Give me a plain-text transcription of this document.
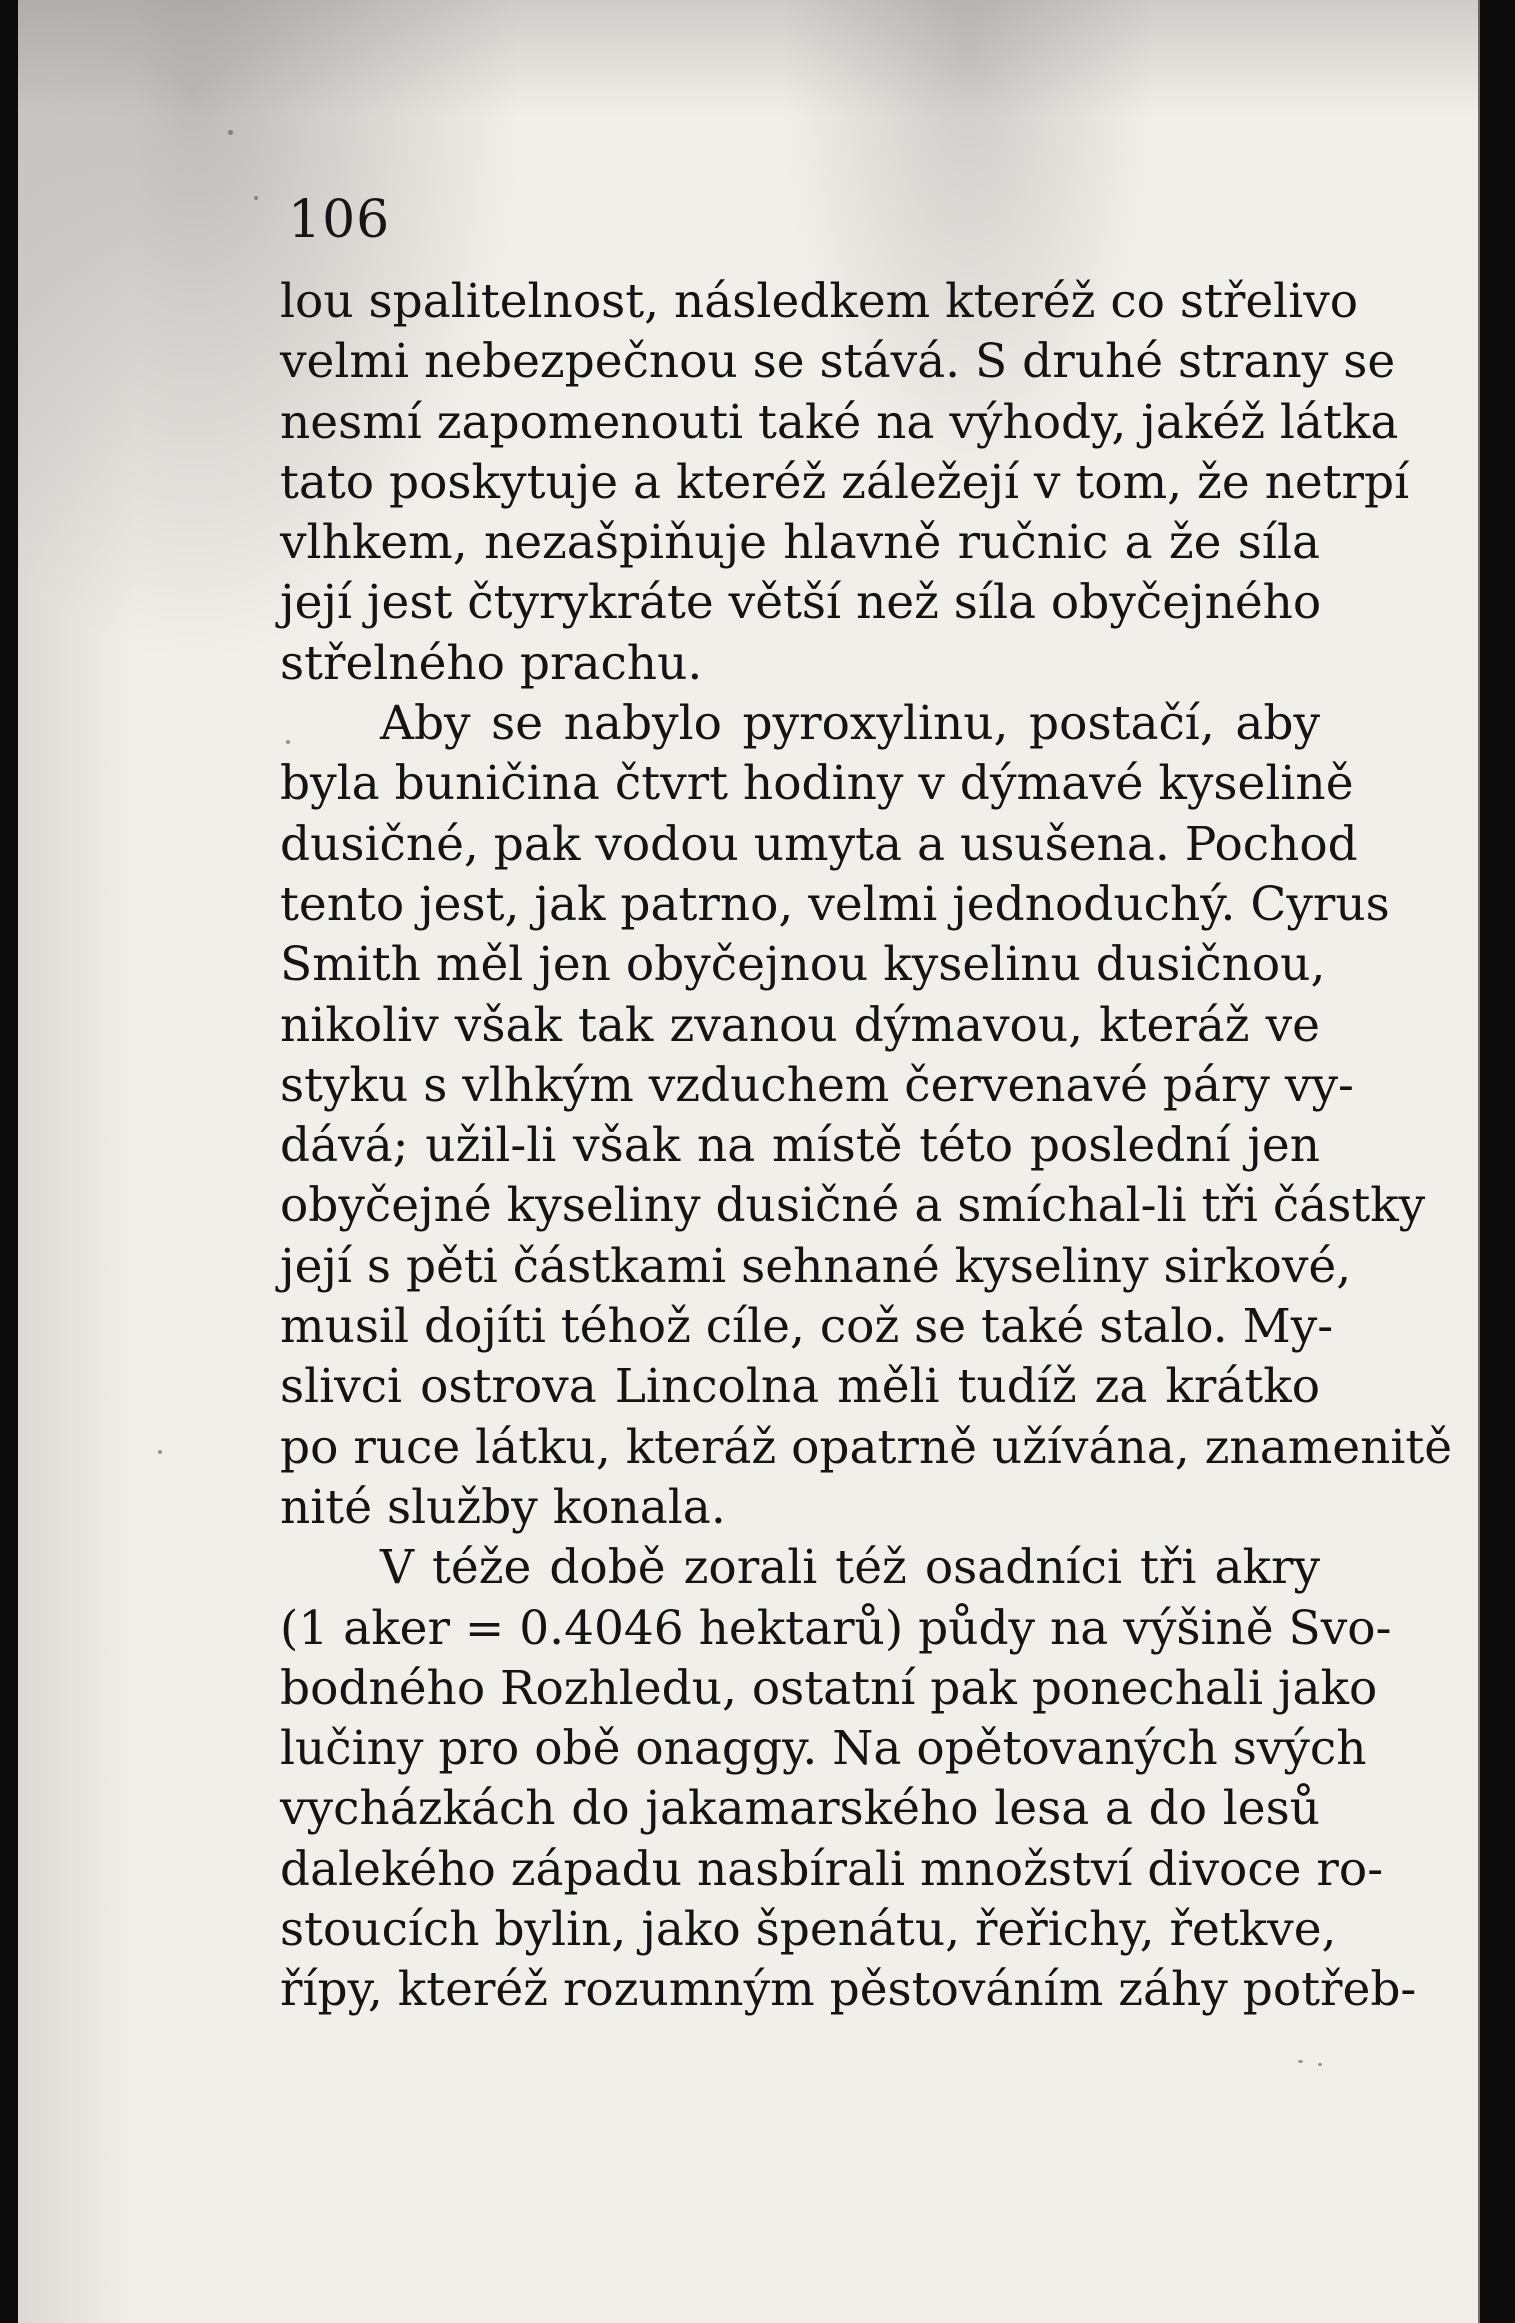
106
lou spalitelnost, následkem kteréž co střelivo
velmi nebezpečnou se stává. S druhé strany se
nesmí zapomenouti také na výhody, jakéž látka
tato poskytuje a kteréž záležejí v tom, že netrpí
vlhkem, nezašpiňuje hlavně ručnic a že síla
její jest čtyrykráte větší než síla obyčejného
střelného prachu.
Aby se nabylo pyroxylinu, postačí, aby
byla buničina čtvrt hodiny v dýmavé kyselině
dusičné, pak vodou umyta a usušena. Pochod
tento jest, jak patrno, velmi jednoduchý. Cyrus
Smith měl jen obyčejnou kyselinu dusičnou,
nikoliv však tak zvanou dýmavou, kteráž ve
styku s vlhkým vzduchem červenavé páry vy-
dává; užil-li však na místě této poslední jen
obyčejné kyseliny dusičné a smíchal-li tři částky
její s pěti částkami sehnané kyseliny sirkové,
musil dojíti téhož cíle, což se také stalo. My-
slivci ostrova Lincolna měli tudíž za krátko
po ruce látku, kteráž opatrně užívána, znamenitě
nité služby konala.
V téže době zorali též osadníci tři akry
(1 aker = 0.4046 hektarů) půdy na výšině Svo-
bodného Rozhledu, ostatní pak ponechali jako
lučiny pro obě onaggy. Na opětovaných svých
vycházkách do jakamarského lesa a do lesů
dalekého západu nasbírali množství divoce ro-
stoucích bylin, jako špenátu, řeřichy, řetkve,
řípy, kteréž rozumným pěstováním záhy potřeb-
